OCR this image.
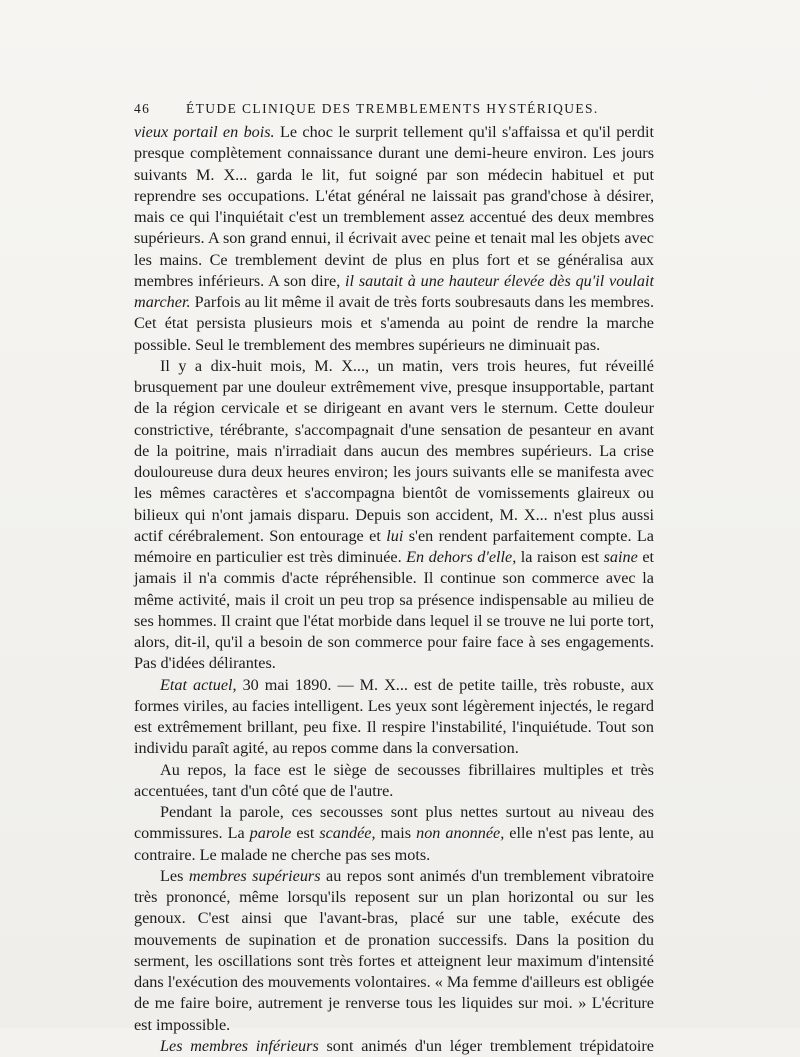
46	ÉTUDE CLINIQUE DES TREMBLEMENTS HYSTÉRIQUES.

vieux portail en bois. Le choc le surprit tellement qu'il s'affaissa et qu'il perdit presque complètement connaissance durant une demi-heure environ. Les jours suivants M. X... garda le lit, fut soigné par son médecin habituel et put reprendre ses occupations. L'état général ne laissait pas grand'chose à désirer, mais ce qui l'inquiétait c'est un tremblement assez accentué des deux membres supérieurs. A son grand ennui, il écrivait avec peine et tenait mal les objets avec les mains. Ce tremblement devint de plus en plus fort et se généralisa aux membres inférieurs. A son dire, il sautait à une hauteur élevée dès qu'il voulait marcher. Parfois au lit même il avait de très forts soubresauts dans les membres. Cet état persista plusieurs mois et s'amenda au point de rendre la marche possible. Seul le tremblement des membres supérieurs ne diminuait pas.

Il y a dix-huit mois, M. X..., un matin, vers trois heures, fut réveillé brusquement par une douleur extrêmement vive, presque insupportable, partant de la région cervicale et se dirigeant en avant vers le sternum. Cette douleur constrictive, térébrante, s'accompagnait d'une sensation de pesanteur en avant de la poitrine, mais n'irradiait dans aucun des membres supérieurs. La crise douloureuse dura deux heures environ; les jours suivants elle se manifesta avec les mêmes caractères et s'accompagna bientôt de vomissements glaireux ou bilieux qui n'ont jamais disparu. Depuis son accident, M. X... n'est plus aussi actif cérébralement. Son entourage et lui s'en rendent parfaitement compte. La mémoire en particulier est très diminuée. En dehors d'elle, la raison est saine et jamais il n'a commis d'acte répréhensible. Il continue son commerce avec la même activité, mais il croit un peu trop sa présence indispensable au milieu de ses hommes. Il craint que l'état morbide dans lequel il se trouve ne lui porte tort, alors, dit-il, qu'il a besoin de son commerce pour faire face à ses engagements. Pas d'idées délirantes.

Etat actuel, 30 mai 1890. — M. X... est de petite taille, très robuste, aux formes viriles, au facies intelligent. Les yeux sont légèrement injectés, le regard est extrêmement brillant, peu fixe. Il respire l'instabilité, l'inquiétude. Tout son individu paraît agité, au repos comme dans la conversation.

Au repos, la face est le siège de secousses fibrillaires multiples et très accentuées, tant d'un côté que de l'autre.

Pendant la parole, ces secousses sont plus nettes surtout au niveau des commissures. La parole est scandée, mais non anonnée, elle n'est pas lente, au contraire. Le malade ne cherche pas ses mots.

Les membres supérieurs au repos sont animés d'un tremblement vibratoire très prononcé, même lorsqu'ils reposent sur un plan horizontal ou sur les genoux. C'est ainsi que l'avant-bras, placé sur une table, exécute des mouvements de supination et de pronation successifs. Dans la position du serment, les oscillations sont très fortes et atteignent leur maximum d'intensité dans l'exécution des mouvements volontaires. « Ma femme d'ailleurs est obligée de me faire boire, autrement je renverse tous les liquides sur moi. » L'écriture est impossible.

Les membres inférieurs sont animés d'un léger tremblement trépidatoire
